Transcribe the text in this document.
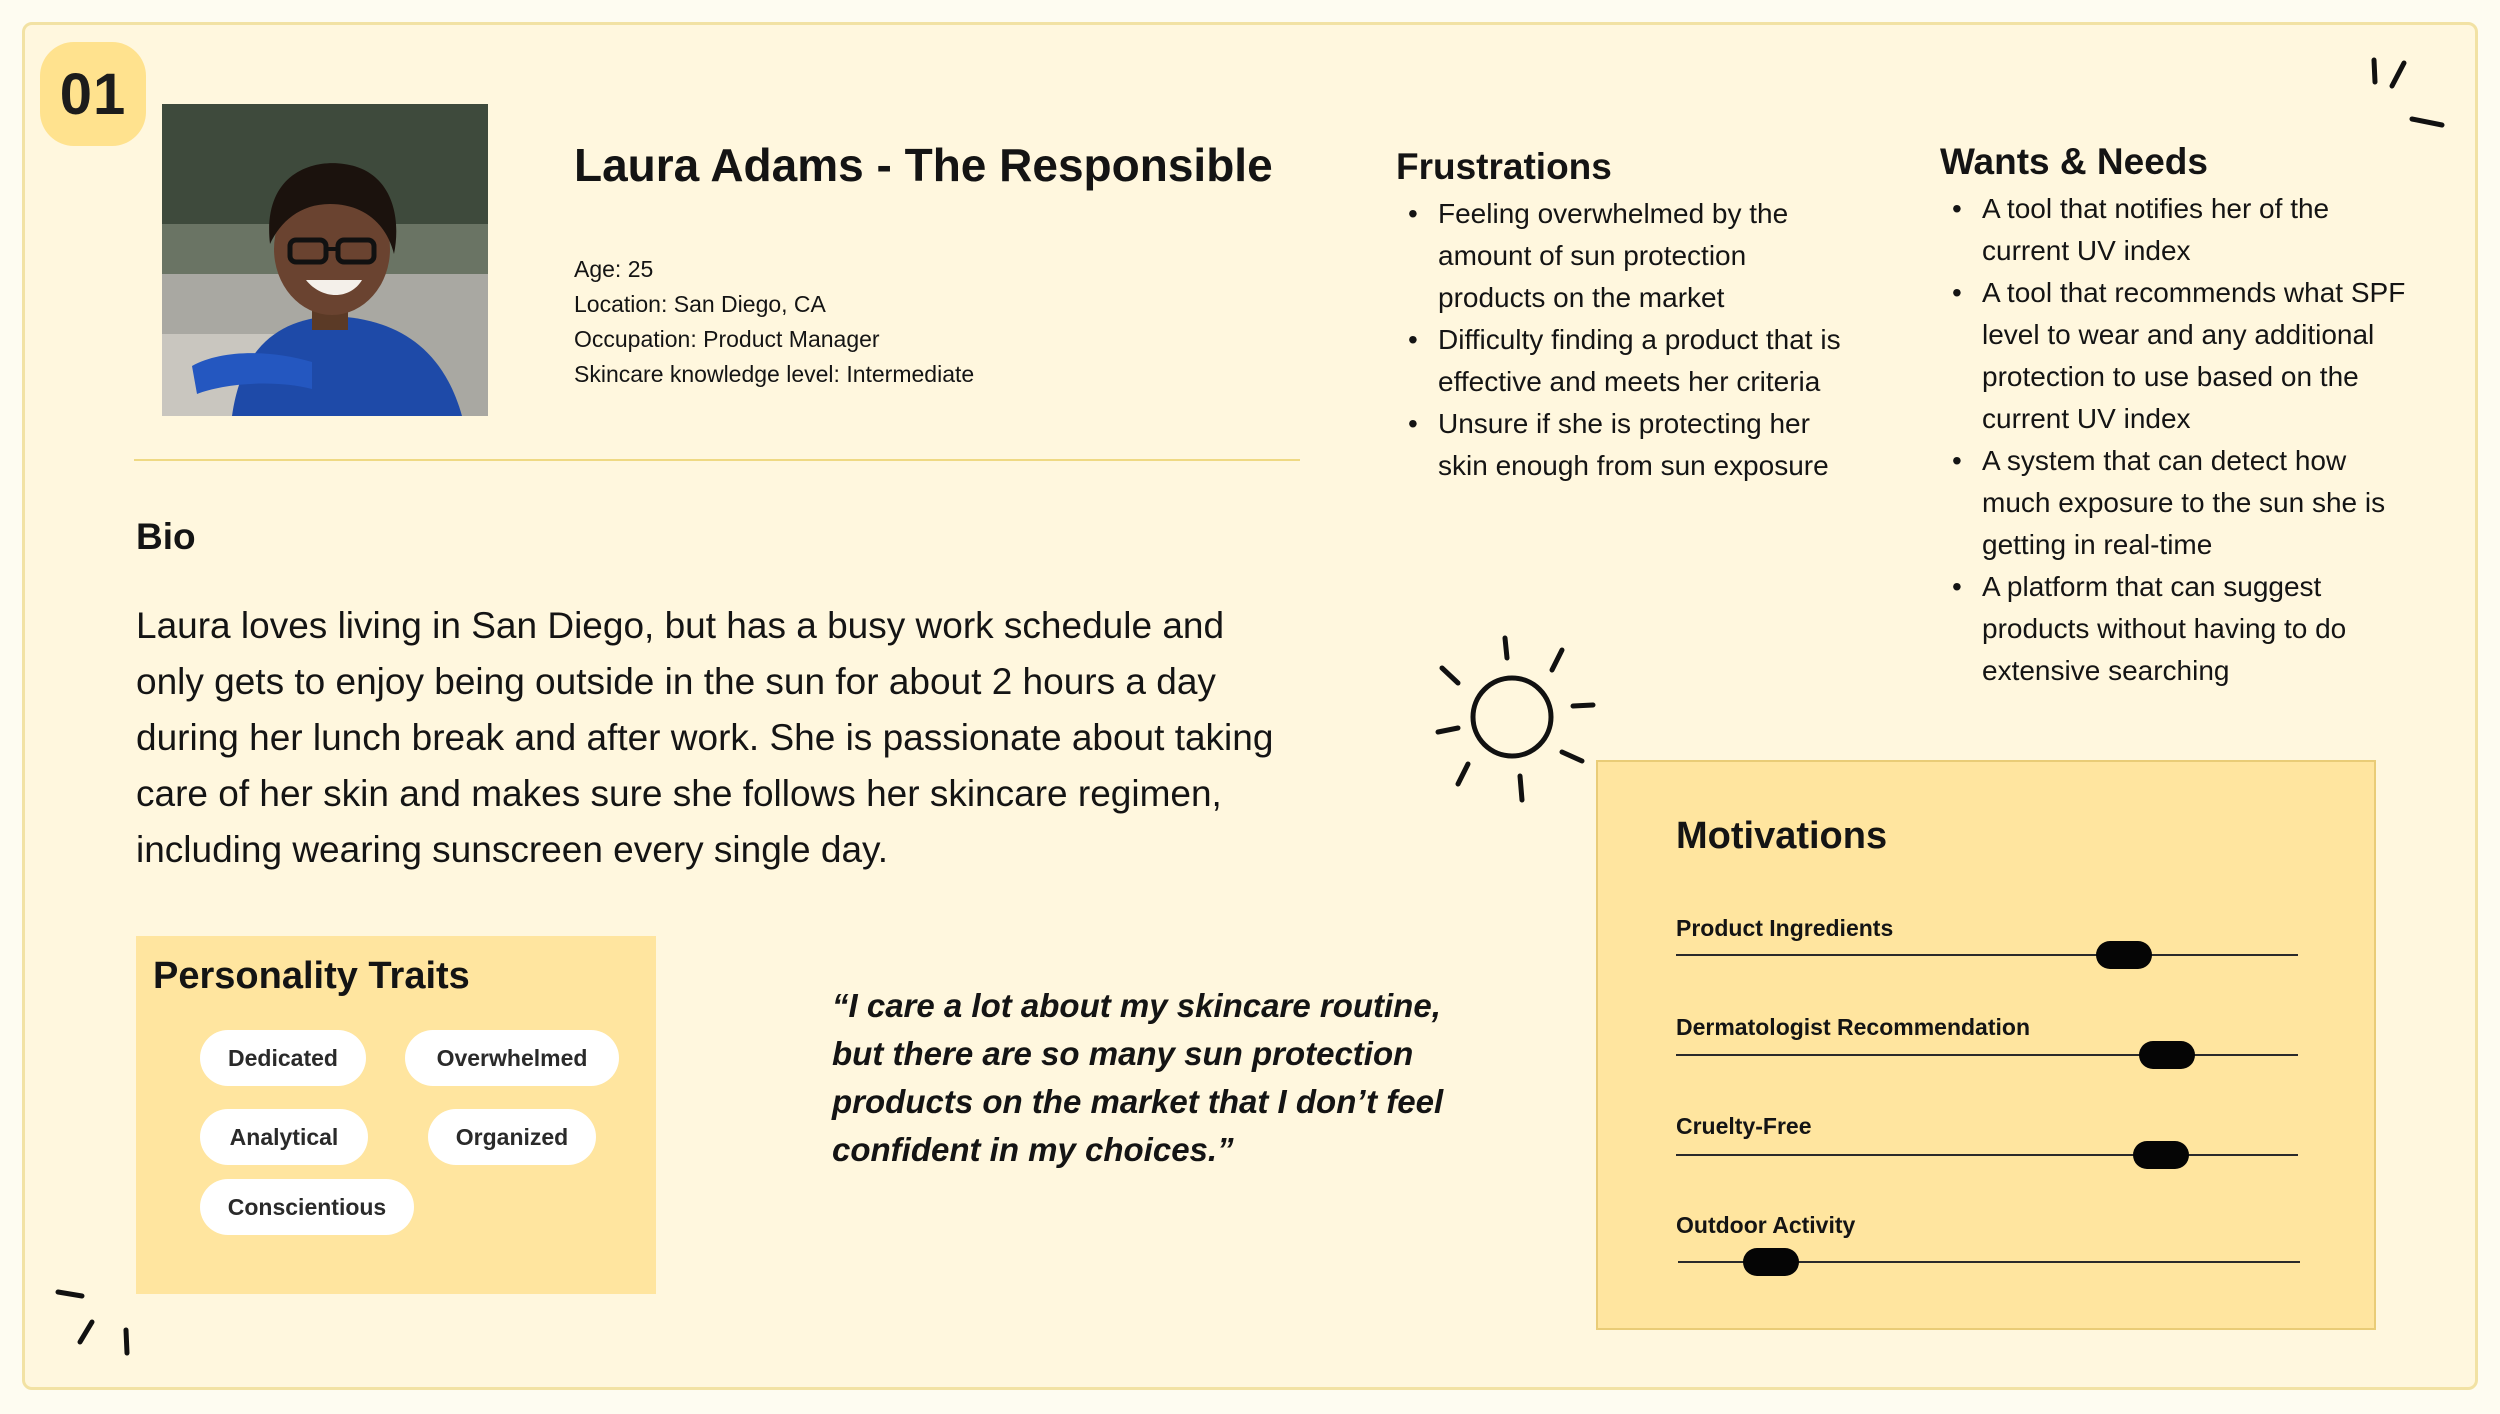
01
Laura Adams - The Responsible
Age: 25
Location: San Diego, CA
Occupation: Product Manager
Skincare knowledge level: Intermediate
Bio
Laura loves living in San Diego, but has a busy work schedule and only gets to enjoy being outside in the sun for about 2 hours a day during her lunch break and after work. She is passionate about taking care of her skin and makes sure she follows her skincare regimen, including wearing sunscreen every single day.
Frustrations
• Feeling overwhelmed by the amount of sun protection products on the market
• Difficulty finding a product that is effective and meets her criteria
• Unsure if she is protecting her skin enough from sun exposure
Wants & Needs
• A tool that notifies her of the current UV index
• A tool that recommends what SPF level to wear and any additional protection to use based on the current UV index
• A system that can detect how much exposure to the sun she is getting in real-time
• A platform that can suggest products without having to do extensive searching
Personality Traits
Dedicated	Overwhelmed
Analytical	Organized
Conscientious
“I care a lot about my skincare routine, but there are so many sun protection products on the market that I don’t feel confident in my choices.”
Motivations
Product Ingredients
Dermatologist Recommendation
Cruelty-Free
Outdoor Activity
